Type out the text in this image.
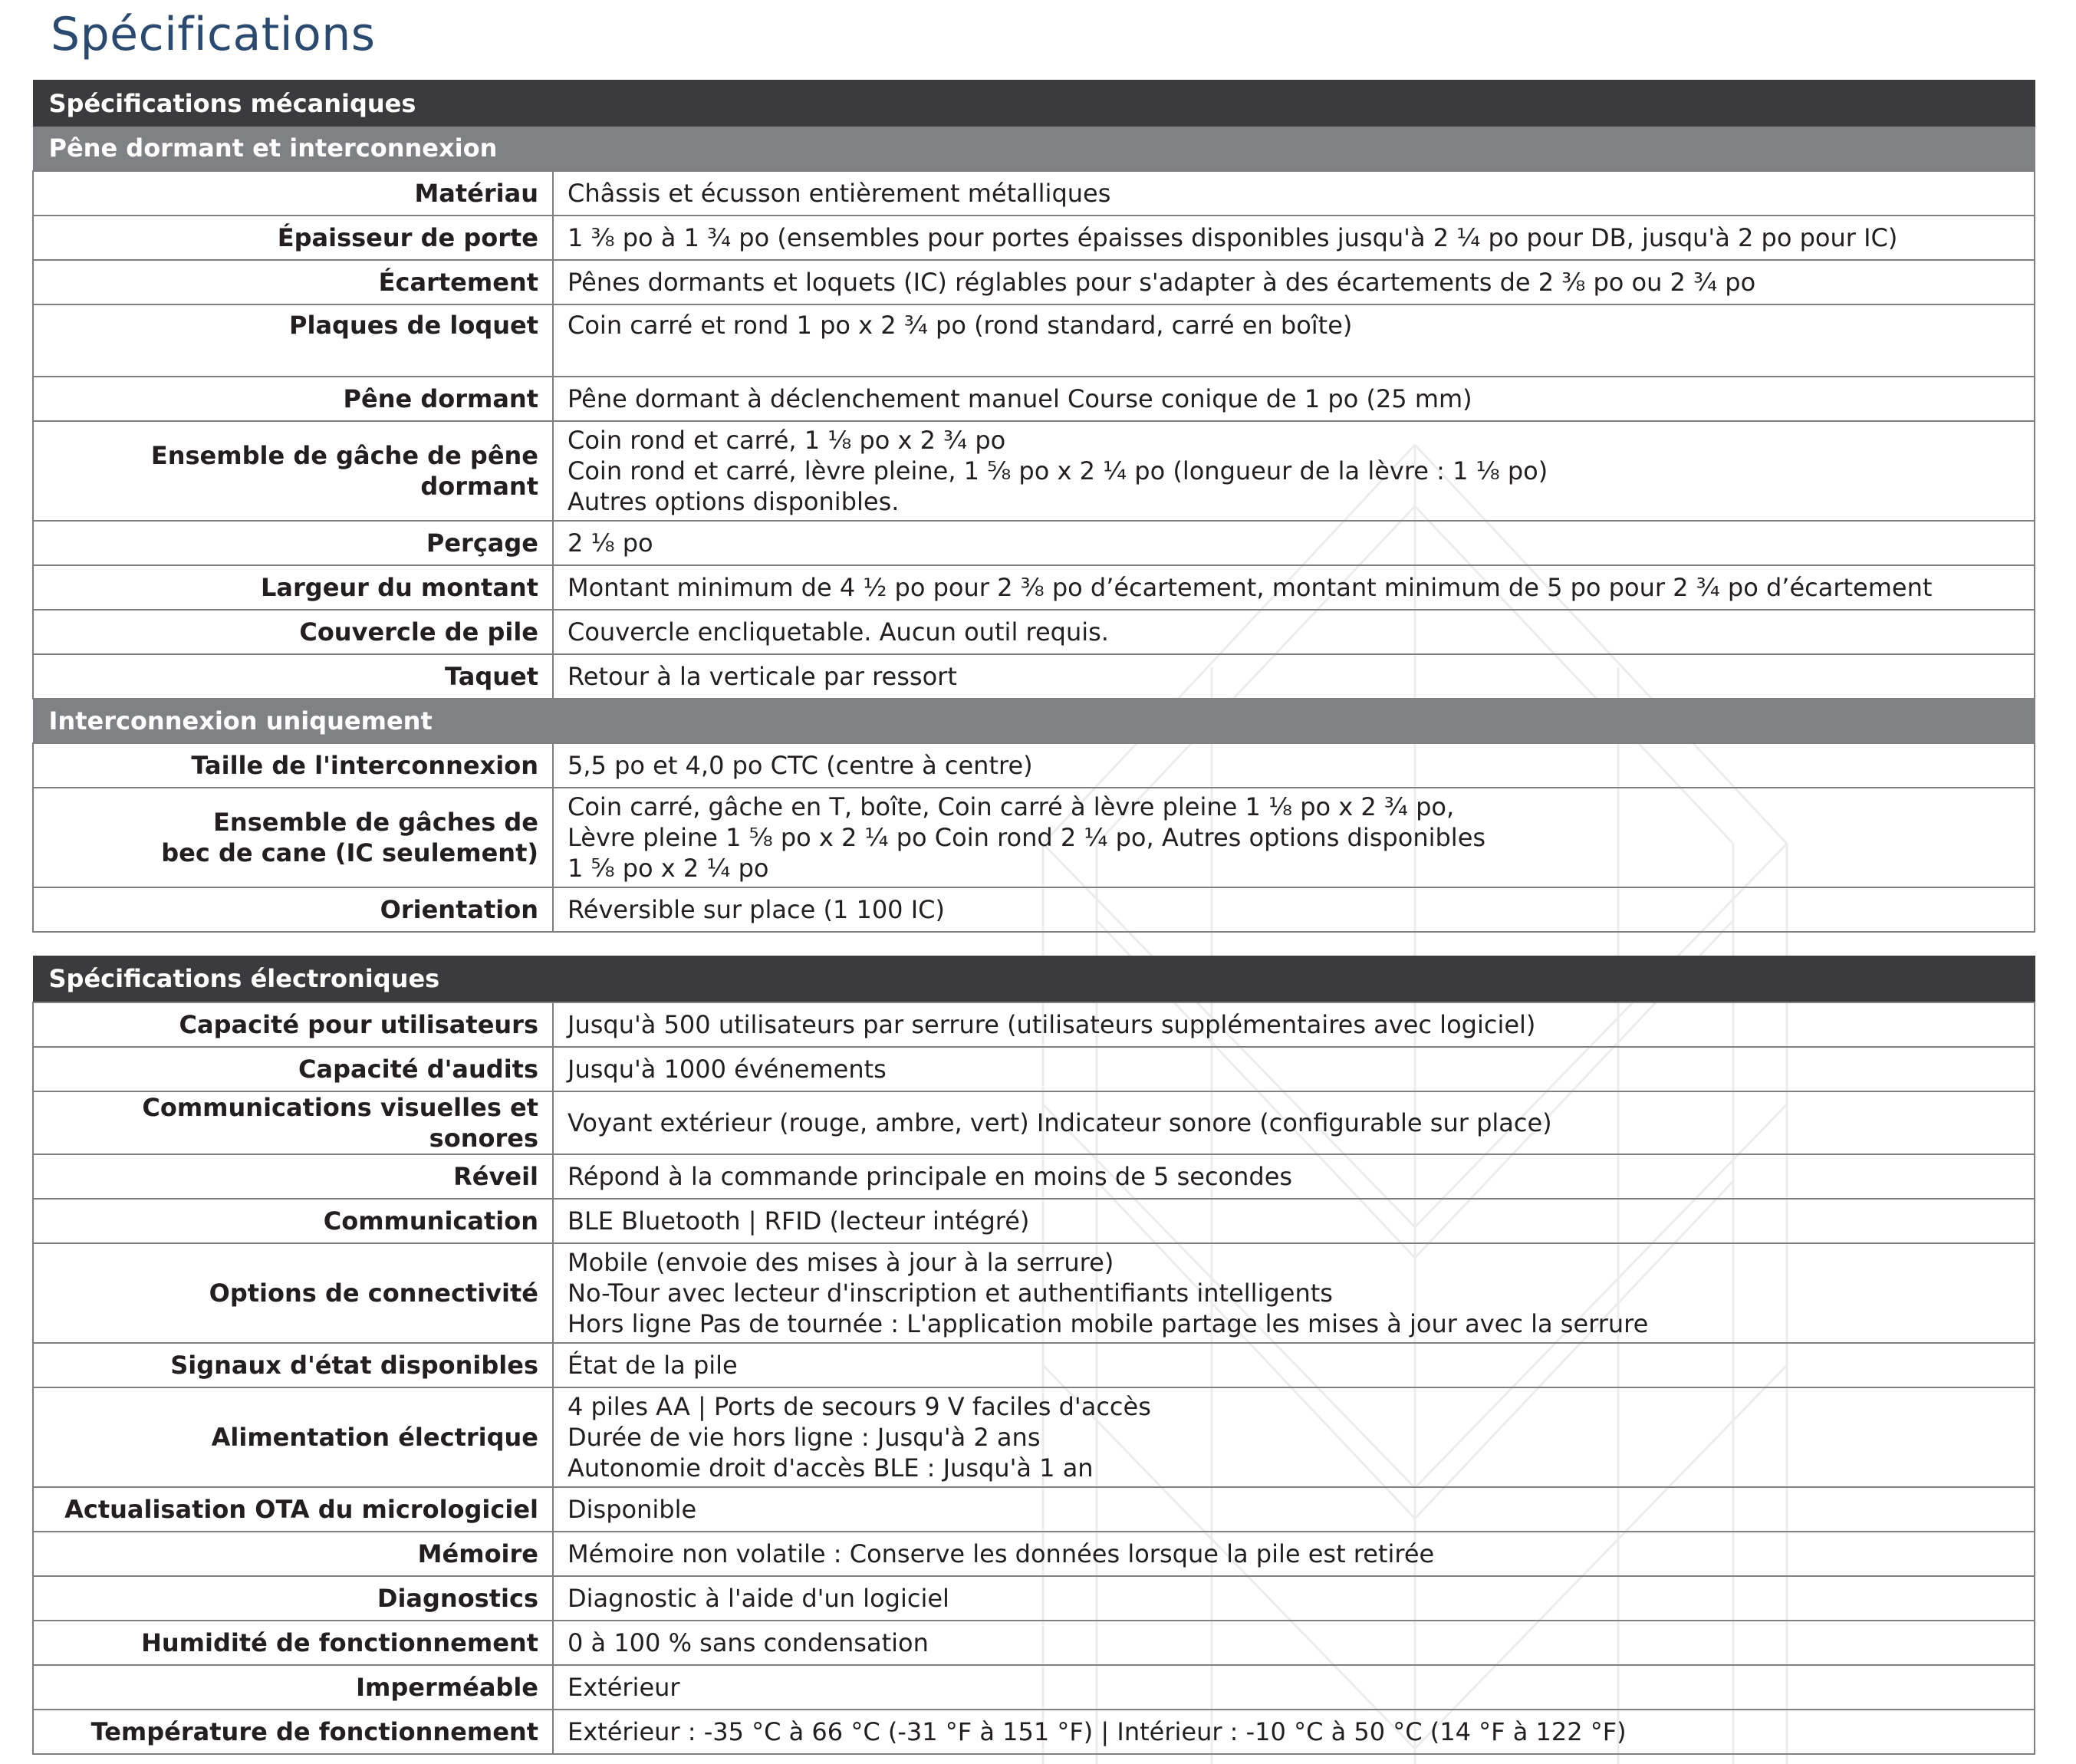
Spécifications
Spécifications mécaniques	
Pêne dormant et interconnexion	
Matériau	Châssis et écusson entièrement métalliques

Épaisseur de porte	1 ⅜ po à 1 ¾ po (ensembles pour portes épaisses disponibles jusqu'à 2 ¼ po pour DB, jusqu'à 2 po pour IC)

Écartement	Pênes dormants et loquets (IC) réglables pour s'adapter à des écartements de 2 ⅜ po ou 2 ¾ po

Plaques de loquet	Coin carré et rond 1 po x 2 ¾ po (rond standard, carré en boîte)

Pêne dormant	Pêne dormant à déclenchement manuel Course conique de 1 po (25 mm)

Ensemble de gâche de pêne dormant	Coin rond et carré, 1 ⅛ po x 2 ¾ po
Coin rond et carré, lèvre pleine, 1 ⅝ po x 2 ¼ po (longueur de la lèvre : 1 ⅛ po)
Autres options disponibles.

Perçage	2 ⅛ po

Largeur du montant	Montant minimum de 4 ½ po pour 2 ⅜ po d’écartement, montant minimum de 5 po pour 2 ¾ po d’écartement

Couvercle de pile	Couvercle encliquetable. Aucun outil requis.

Taquet	Retour à la verticale par ressort

Interconnexion uniquement	
Taille de l'interconnexion	5,5 po et 4,0 po CTC (centre à centre)

Ensemble de gâches de
bec de cane (IC seulement)	Coin carré, gâche en T, boîte, Coin carré à lèvre pleine 1 ⅛ po x 2 ¾ po,
Lèvre pleine 1 ⅝ po x 2 ¼ po Coin rond 2 ¼ po, Autres options disponibles
1 ⅝ po x 2 ¼ po

Orientation	Réversible sur place (1 100 IC)
Spécifications électroniques	
Capacité pour utilisateurs	Jusqu'à 500 utilisateurs par serrure (utilisateurs supplémentaires avec logiciel)

Capacité d'audits	Jusqu'à 1000 événements

Communications visuelles et sonores	Voyant extérieur (rouge, ambre, vert) Indicateur sonore (configurable sur place)

Réveil	Répond à la commande principale en moins de 5 secondes

Communication	BLE Bluetooth | RFID (lecteur intégré)

Options de connectivité	Mobile (envoie des mises à jour à la serrure)
No-Tour avec lecteur d'inscription et authentifiants intelligents
Hors ligne Pas de tournée : L'application mobile partage les mises à jour avec la serrure

Signaux d'état disponibles	État de la pile

Alimentation électrique	4 piles AA | Ports de secours 9 V faciles d'accès
Durée de vie hors ligne : Jusqu'à 2 ans
Autonomie droit d'accès BLE : Jusqu'à 1 an

Actualisation OTA du micrologiciel	Disponible

Mémoire	Mémoire non volatile : Conserve les données lorsque la pile est retirée

Diagnostics	Diagnostic à l'aide d'un logiciel

Humidité de fonctionnement	0 à 100 % sans condensation

Imperméable	Extérieur

Température de fonctionnement	Extérieur : -35 °C à 66 °C (-31 °F à 151 °F) | Intérieur : -10 °C à 50 °C (14 °F à 122 °F)
